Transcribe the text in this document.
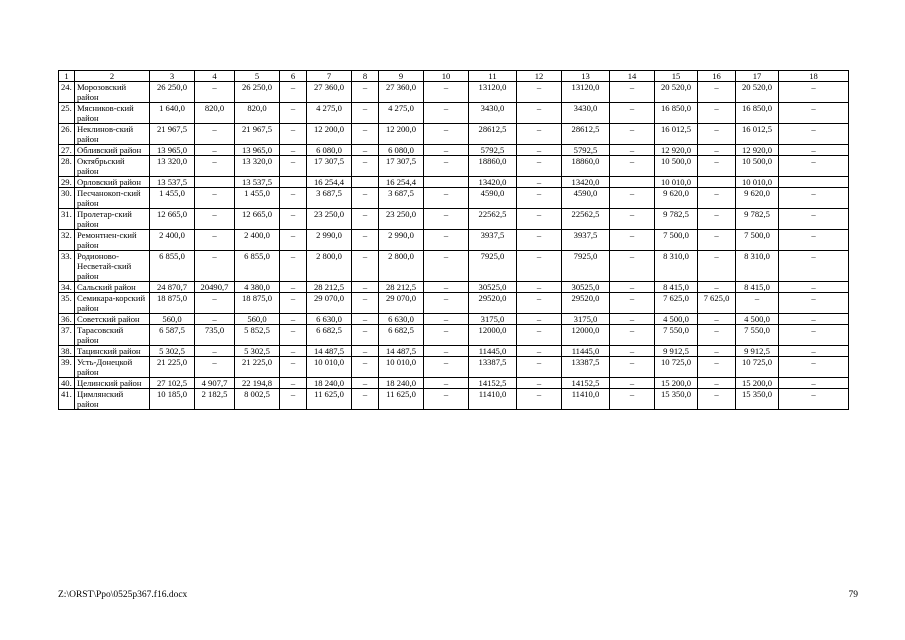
1	2	3	4	5	6	7	8	9	10	11	12	13	14	15	16	17	18
24.	Морозовский район	26 250,0	–	26 250,0	–	27 360,0	–	27 360,0	–	13120,0	–	13120,0	–	20 520,0	–	20 520,0	–
25.	Мясников-ский район	1 640,0	820,0	820,0	–	4 275,0	–	4 275,0	–	3430,0	–	3430,0	–	16 850,0	–	16 850,0	–
26.	Неклинов-ский район	21 967,5	–	21 967,5	–	12 200,0	–	12 200,0	–	28612,5	–	28612,5	–	16 012,5	–	16 012,5	–
27.	Обливский район	13 965,0	–	13 965,0	–	6 080,0	–	6 080,0	–	5792,5	–	5792,5	–	12 920,0	–	12 920,0	–
28.	Октябрьский район	13 320,0	–	13 320,0	–	17 307,5	–	17 307,5	–	18860,0	–	18860,0	–	10 500,0	–	10 500,0	–
29.	Орловский район	13 537,5		13 537,5		16 254,4		16 254,4		13420,0	–	13420,0		10 010,0		10 010,0	
30.	Песчанокоп-ский район	1 455,0	–	1 455,0	–	3 687,5	–	3 687,5	–	4590,0	–	4590,0	–	9 620,0	–	9 620,0	–
31.	Пролетар-ский район	12 665,0	–	12 665,0	–	23 250,0	–	23 250,0	–	22562,5	–	22562,5	–	9 782,5	–	9 782,5	–
32.	Ремонтнен-ский район	2 400,0	–	2 400,0	–	2 990,0	–	2 990,0	–	3937,5	–	3937,5	–	7 500,0	–	7 500,0	–
33.	Родионово-Несветай-ский район	6 855,0	–	6 855,0	–	2 800,0	–	2 800,0	–	7925,0	–	7925,0	–	8 310,0	–	8 310,0	–
34.	Сальский район	24 870,7	20490,7	4 380,0	–	28 212,5	–	28 212,5	–	30525,0	–	30525,0	–	8 415,0	–	8 415,0	–
35.	Семикара-корский район	18 875,0	–	18 875,0	–	29 070,0	–	29 070,0	–	29520,0	–	29520,0	–	7 625,0	7 625,0	–	–
36.	Советский район	560,0	–	560,0	–	6 630,0	–	6 630,0	–	3175,0	–	3175,0	–	4 500,0	–	4 500,0	–
37.	Тарасовский район	6 587,5	735,0	5 852,5	–	6 682,5	–	6 682,5	–	12000,0	–	12000,0	–	7 550,0	–	7 550,0	–
38.	Тацинский район	5 302,5	–	5 302,5	–	14 487,5	–	14 487,5	–	11445,0	–	11445,0	–	9 912,5	–	9 912,5	–
39.	Усть-Донецкой район	21 225,0	–	21 225,0	–	10 010,0	–	10 010,0	–	13387,5	–	13387,5	–	10 725,0	–	10 725,0	–
40.	Целинский район	27 102,5	4 907,7	22 194,8	–	18 240,0	–	18 240,0	–	14152,5	–	14152,5	–	15 200,0	–	15 200,0	–
41.	Цимлянский район	10 185,0	2 182,5	8 002,5	–	11 625,0	–	11 625,0	–	11410,0	–	11410,0	–	15 350,0	–	15 350,0	–
Z:\ORST\Ppo\0525p367.f16.docx	79
